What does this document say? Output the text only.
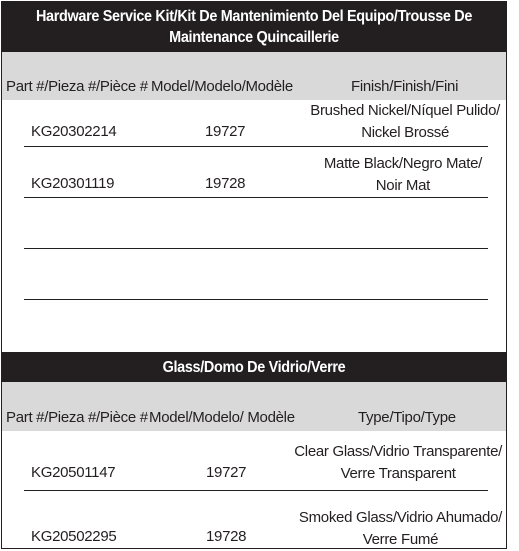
Hardware Service Kit/Kit De Mantenimiento Del Equipo/Trousse De
Maintenance Quincaillerie
Part #/Pieza #/Pièce # Model/Modelo/Modèle	Finish/Finish/Fini
KG20302214	19727
Brushed Nickel/Níquel Pulido/
Nickel Brossé
KG20301119	19728
Matte Black/Negro Mate/
Noir Mat
Glass/Domo De Vidrio/Verre
Part #/Pieza #/Pièce # Model/Modelo/ Modèle	Type/Tipo/Type
KG20501147	19727
Clear Glass/Vidrio Transparente/
Verre Transparent
KG20502295	19728
Smoked Glass/Vidrio Ahumado/
Verre Fumé
